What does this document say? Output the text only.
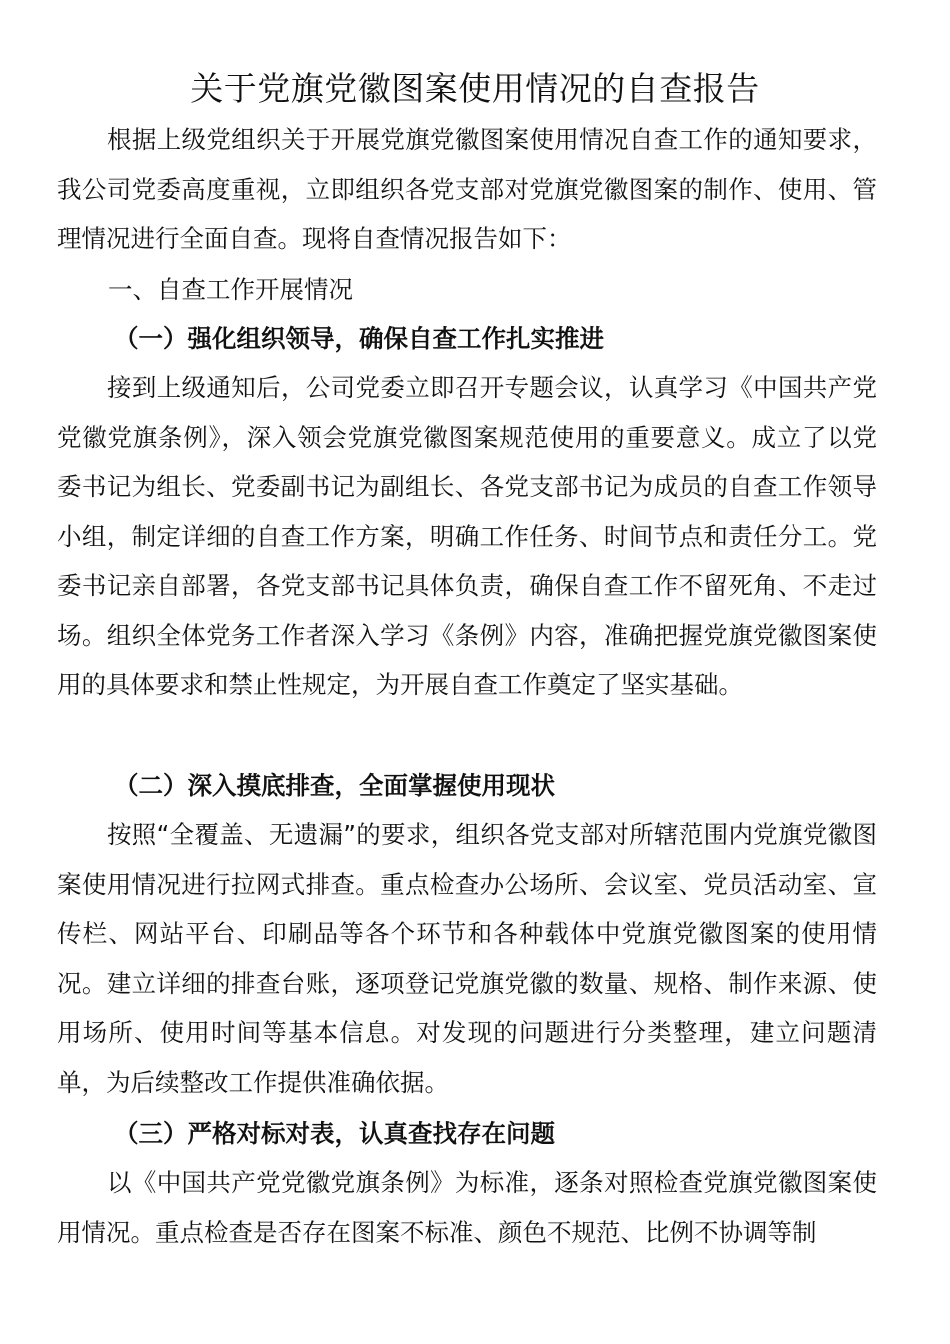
关于党旗党徽图案使用情况的自查报告

根据上级党组织关于开展党旗党徽图案使用情况自查工作的通知要求，我公司党委高度重视，立即组织各党支部对党旗党徽图案的制作、使用、管理情况进行全面自查。现将自查情况报告如下：

一、自查工作开展情况
（一）强化组织领导，确保自查工作扎实推进

接到上级通知后，公司党委立即召开专题会议，认真学习《中国共产党党徽党旗条例》，深入领会党旗党徽图案规范使用的重要意义。成立了以党委书记为组长、党委副书记为副组长、各党支部书记为成员的自查工作领导小组，制定详细的自查工作方案，明确工作任务、时间节点和责任分工。党委书记亲自部署，各党支部书记具体负责，确保自查工作不留死角、不走过场。组织全体党务工作者深入学习《条例》内容，准确把握党旗党徽图案使用的具体要求和禁止性规定，为开展自查工作奠定了坚实基础。

（二）深入摸底排查，全面掌握使用现状

按照“全覆盖、无遗漏”的要求，组织各党支部对所辖范围内党旗党徽图案使用情况进行拉网式排查。重点检查办公场所、会议室、党员活动室、宣传栏、网站平台、印刷品等各个环节和各种载体中党旗党徽图案的使用情况。建立详细的排查台账，逐项登记党旗党徽的数量、规格、制作来源、使用场所、使用时间等基本信息。对发现的问题进行分类整理，建立问题清单，为后续整改工作提供准确依据。

（三）严格对标对表，认真查找存在问题

以《中国共产党党徽党旗条例》为标准，逐条对照检查党旗党徽图案使用情况。重点检查是否存在图案不标准、颜色不规范、比例不协调等制
